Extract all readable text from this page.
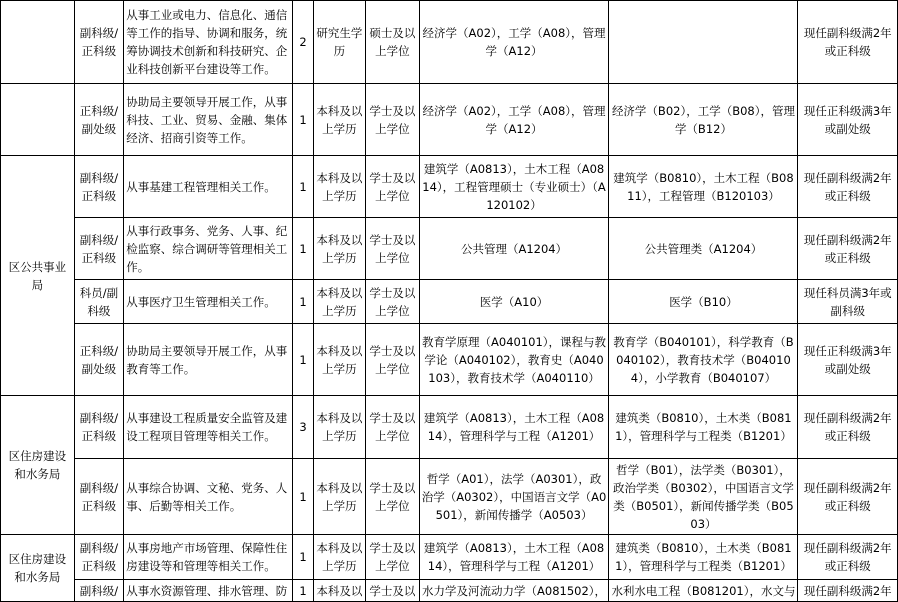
	副科级/正科级	从事工业或电力、信息化、通信等工作的指导、协调和服务，统筹协调技术创新和科技研究、企业科技创新平台建设等工作。	2	研究生学历	硕士及以上学位	经济学（A02），工学（A08），管理学（A12）		现任副科级满2年或正科级
	正科级/副处级	协助局主要领导开展工作，从事科技、工业、贸易、金融、集体经济、招商引资等工作。	1	本科及以上学历	学士及以上学位	经济学（A02），工学（A08），管理学（A12）	经济学（B02），工学（B08），管理学（B12）	现任正科级满3年或副处级
区公共事业局	副科级/正科级	从事基建工程管理相关工作。	1	本科及以上学历	学士及以上学位	建筑学（A0813），土木工程（A0814），工程管理硕士（专业硕士）（A120102）	建筑学（B0810），土木工程（B0811），工程管理（B120103）	现任副科级满2年或正科级
	副科级/正科级	从事行政事务、党务、人事、纪检监察、综合调研等管理相关工作。	1	本科及以上学历	学士及以上学位	公共管理（A1204）	公共管理类（A1204）	现任副科级满2年或正科级
	科员/副科级	从事医疗卫生管理相关工作。	1	本科及以上学历	学士及以上学位	医学（A10）	医学（B10）	现任科员满3年或副科级
	正科级/副处级	协助局主要领导开展工作，从事教育等工作。	1	本科及以上学历	学士及以上学位	教育学原理（A040101），课程与教学论（A040102），教育史（A040103），教育技术学（A040110）	教育学（B040101），科学教育（B040102），教育技术学（B040104），小学教育（B040107）	现任正科级满3年或副处级
区住房建设和水务局	副科级/正科级	从事建设工程质量安全监管及建设工程项目管理等相关工作。	3	本科及以上学历	学士及以上学位	建筑学（A0813），土木工程（A0814），管理科学与工程（A1201）	建筑类（B0810），土木类（B0811），管理科学与工程类（B1201）	现任副科级满2年或正科级
	副科级/正科级	从事综合协调、文秘、党务、人事、后勤等相关工作。	1	本科及以上学历	学士及以上学位	哲学（A01），法学（A0301），政治学（A0302），中国语言文学（A0501），新闻传播学（A0503）	哲学（B01），法学类（B0301），政治学类（B0302），中国语言文学类（B0501），新闻传播学类（B0503）	现任副科级满2年或正科级
区住房建设和水务局	副科级/正科级	从事房地产市场管理、保障性住房建设等和管理等相关工作。	1	本科及以上学历	学士及以上学位	建筑学（A0813），土木工程（A0814），管理科学与工程（A1201）	建筑类（B0810），土木类（B0811），管理科学与工程类（B1201）	现任副科级满2年或正科级
	副科级/	从事水资源管理、排水管理、防	1	本科及以	学士及以	水力学及河流动力学（A081502），	水利水电工程（B081201），水文与	现任副科级满2年
